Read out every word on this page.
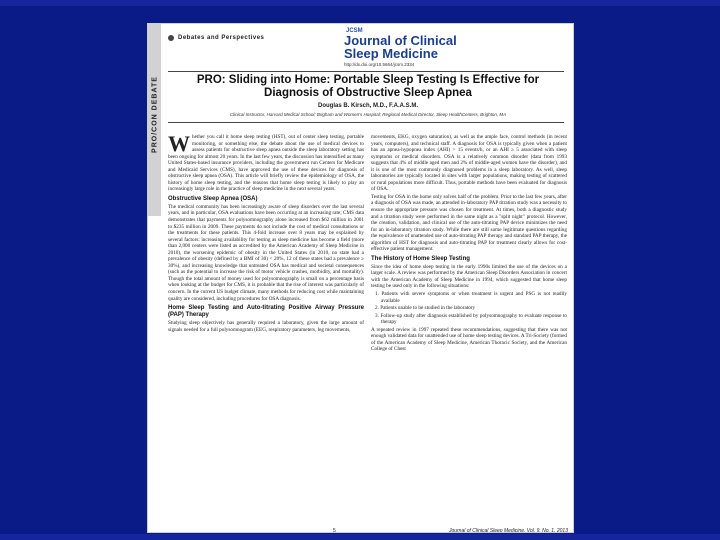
PRO/CON DEBATE
Debates and Perspectives
JCSM
Journal of Clinical
Sleep Medicine
http://dx.doi.org/10.5664/jcsm.2334
PRO: Sliding into Home: Portable Sleep Testing Is Effective for
Diagnosis of Obstructive Sleep Apnea
Douglas B. Kirsch, M.D., F.A.A.S.M.
Clinical Instructor, Harvard Medical School; Brigham and Women's Hospital; Regional Medical Director, Sleep HealthCenters, Brighton, MA

Whether you call it home sleep testing (HST), out of center sleep testing, portable monitoring, or something else, the debate about the use of medical devices to assess patients for obstructive sleep apnea outside the sleep laboratory setting has been ongoing for almost 20 years. In the last few years, the discussion has intensified as many United States-based insurance providers, including the government run Centers for Medicare and Medicaid Services (CMS), have approved the use of these devices for diagnosis of obstructive sleep apnea (OSA). This article will briefly review the epidemiology of OSA, the history of home sleep testing, and the reasons that home sleep testing is likely to play an increasingly large role in the practice of sleep medicine in the next several years.

Obstructive Sleep Apnea (OSA)

The medical community has been increasingly aware of sleep disorders over the last several years, and in particular, OSA evaluations have been occurring at an increasing rate; CMS data demonstrates that payments for polysomnography alone increased from $62 million in 2001 to $235 million in 2009. These payments do not include the cost of medical consultations or the treatments for these patients. This 4-fold increase over 8 years may be explained by several factors: increasing availability for testing as sleep medicine has become a field (more than 2,000 centers were listed as accredited by the American Academy of Sleep Medicine in 2010), the worsening epidemic of obesity in the United States (in 2010, no state had a prevalence of obesity (defined by a BMI of 30) < 20%, 12 of these states had a prevalence ≥ 30%), and increasing knowledge that untreated OSA has medical and societal consequences (such as the potential to increase the risk of motor vehicle crashes, morbidity, and mortality). Though the total amount of money used for polysomnography is small on a percentage basis when looking at the budget for CMS, it is probable that the rise of interest was particularly of concern. In the current US budget climate, many methods for reducing cost while maintaining quality are considered, including procedures for OSA diagnosis.

Home Sleep Testing and Auto-titrating Positive Airway Pressure (PAP) Therapy

Studying sleep objectively has generally required a laboratory, given the large amount of signals needed for a full polysomnogram (EEG, respiratory parameters, leg movements,

movements, EKG, oxygen saturation), as well as the ample face, control methods (in recent years, computers), and technical staff. A diagnosis for OSA is typically given when a patient has an apnea-hypopnea index (AHI) > 15 events/h, or an AHI ≥ 5 associated with sleep symptoms or medical disorders. OSA is a relatively common disorder (data from 1993 suggests that 4% of middle aged men and 2% of middle-aged women have the disorder), and it is one of the most commonly diagnosed problems in a sleep laboratory. As well, sleep laboratories are typically located in sites with larger populations, making testing of scattered or rural populations more difficult. Thus, portable methods have been evaluated for diagnosis of OSA.

Testing for OSA in the home only solves half of the problem. Prior to the last few years, after a diagnosis of OSA was made, an attended in-laboratory PAP titration study was a necessity to ensure the appropriate pressure was chosen for treatment. At times, both a diagnostic study and a titration study were performed in the same night as a "split night" protocol. However, the creation, validation, and clinical use of the auto-titrating PAP device minimizes the need for an in-laboratory titration study. While there are still some legitimate questions regarding the equivalence of unattended use of auto-titrating PAP therapy and standard PAP therapy, the algorithm of HST for diagnosis and auto-titrating PAP for treatment clearly allows for cost-effective patient management.

The History of Home Sleep Testing

Since the idea of home sleep testing in the early 1990s limited the use of the devices on a larger scale. A review was performed by the American Sleep Disorders Association in concert with the American Academy of Sleep Medicine in 1994, which suggested that home sleep testing be used only in the following situations:

1. Patients with severe symptoms or when treatment is urgent and PSG is not readily available

2. Patients unable to be studied in the laboratory

3. Follow-up study after diagnosis established by polysomnography to evaluate response to therapy

A repeated review in 1997 repeated these recommendations, suggesting that there was not enough validated data for unattended use of home sleep testing devices. A Tri-Society (formed of the American Academy of Sleep Medicine, American Thoracic Society, and the American College of Chest

5	Journal of Clinical Sleep Medicine, Vol. 9, No. 1, 2013
